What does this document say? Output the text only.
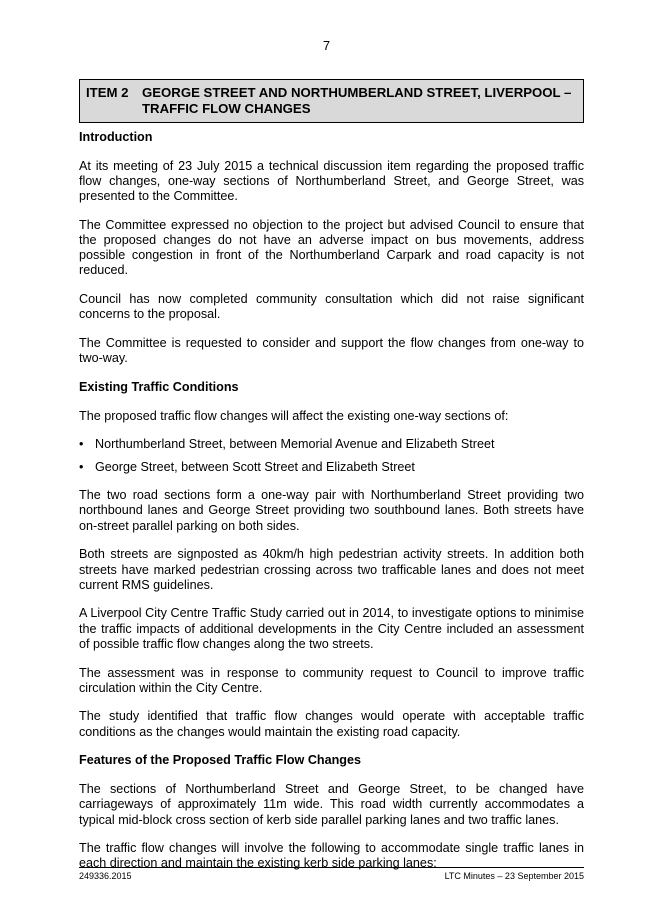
7
ITEM 2	GEORGE STREET AND NORTHUMBERLAND STREET, LIVERPOOL –
TRAFFIC FLOW CHANGES
Introduction

At its meeting of 23 July 2015 a technical discussion item regarding the proposed traffic flow changes, one-way sections of Northumberland Street, and George Street, was presented to the Committee.

The Committee expressed no objection to the project but advised Council to ensure that the proposed changes do not have an adverse impact on bus movements, address possible congestion in front of the Northumberland Carpark and road capacity is not reduced.

Council has now completed community consultation which did not raise significant concerns to the proposal.

The Committee is requested to consider and support the flow changes from one-way to two-way.

Existing Traffic Conditions

The proposed traffic flow changes will affect the existing one-way sections of:

• Northumberland Street, between Memorial Avenue and Elizabeth Street
• George Street, between Scott Street and Elizabeth Street

The two road sections form a one-way pair with Northumberland Street providing two northbound lanes and George Street providing two southbound lanes. Both streets have on-street parallel parking on both sides.

Both streets are signposted as 40km/h high pedestrian activity streets. In addition both streets have marked pedestrian crossing across two trafficable lanes and does not meet current RMS guidelines.

A Liverpool City Centre Traffic Study carried out in 2014, to investigate options to minimise the traffic impacts of additional developments in the City Centre included an assessment of possible traffic flow changes along the two streets.

The assessment was in response to community request to Council to improve traffic circulation within the City Centre.

The study identified that traffic flow changes would operate with acceptable traffic conditions as the changes would maintain the existing road capacity.

Features of the Proposed Traffic Flow Changes

The sections of Northumberland Street and George Street, to be changed have carriageways of approximately 11m wide. This road width currently accommodates a typical mid-block cross section of kerb side parallel parking lanes and two traffic lanes.

The traffic flow changes will involve the following to accommodate single traffic lanes in each direction and maintain the existing kerb side parking lanes:

249336.2015	LTC Minutes – 23 September 2015
